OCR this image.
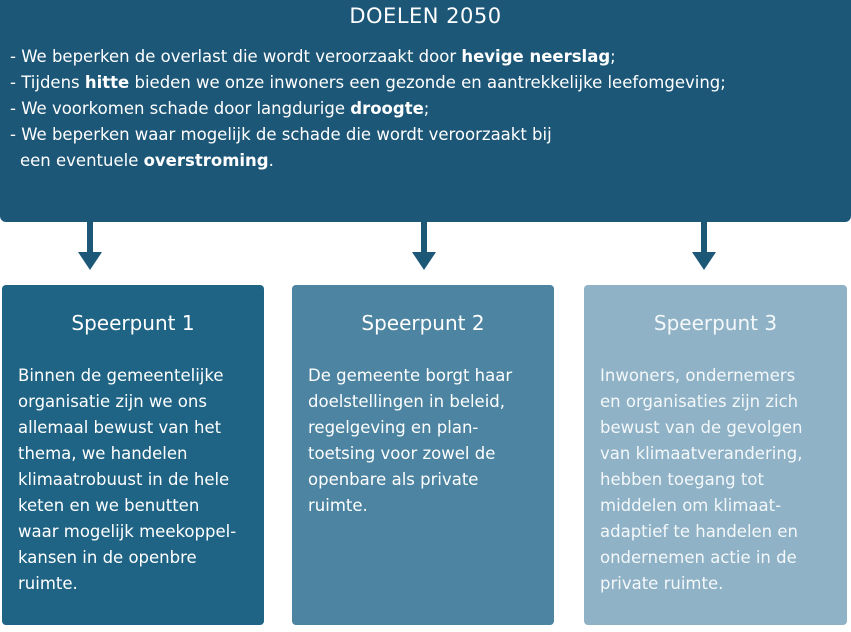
DOELEN 2050
- We beperken de overlast die wordt veroorzaakt door hevige neerslag;
- Tijdens hitte bieden we onze inwoners een gezonde en aantrekkelijke leefomgeving;
- We voorkomen schade door langdurige droogte;
- We beperken waar mogelijk de schade die wordt veroorzaakt bij
een eventuele overstroming.
Speerpunt 1
Binnen de gemeentelijke
organisatie zijn we ons
allemaal bewust van het
thema, we handelen
klimaatrobuust in de hele
keten en we benutten
waar mogelijk meekoppel-
kansen in de openbre
ruimte.
Speerpunt 2
De gemeente borgt haar
doelstellingen in beleid,
regelgeving en plan-
toetsing voor zowel de
openbare als private
ruimte.
Speerpunt 3
Inwoners, ondernemers
en organisaties zijn zich
bewust van de gevolgen
van klimaatverandering,
hebben toegang tot
middelen om klimaat-
adaptief te handelen en
ondernemen actie in de
private ruimte.
